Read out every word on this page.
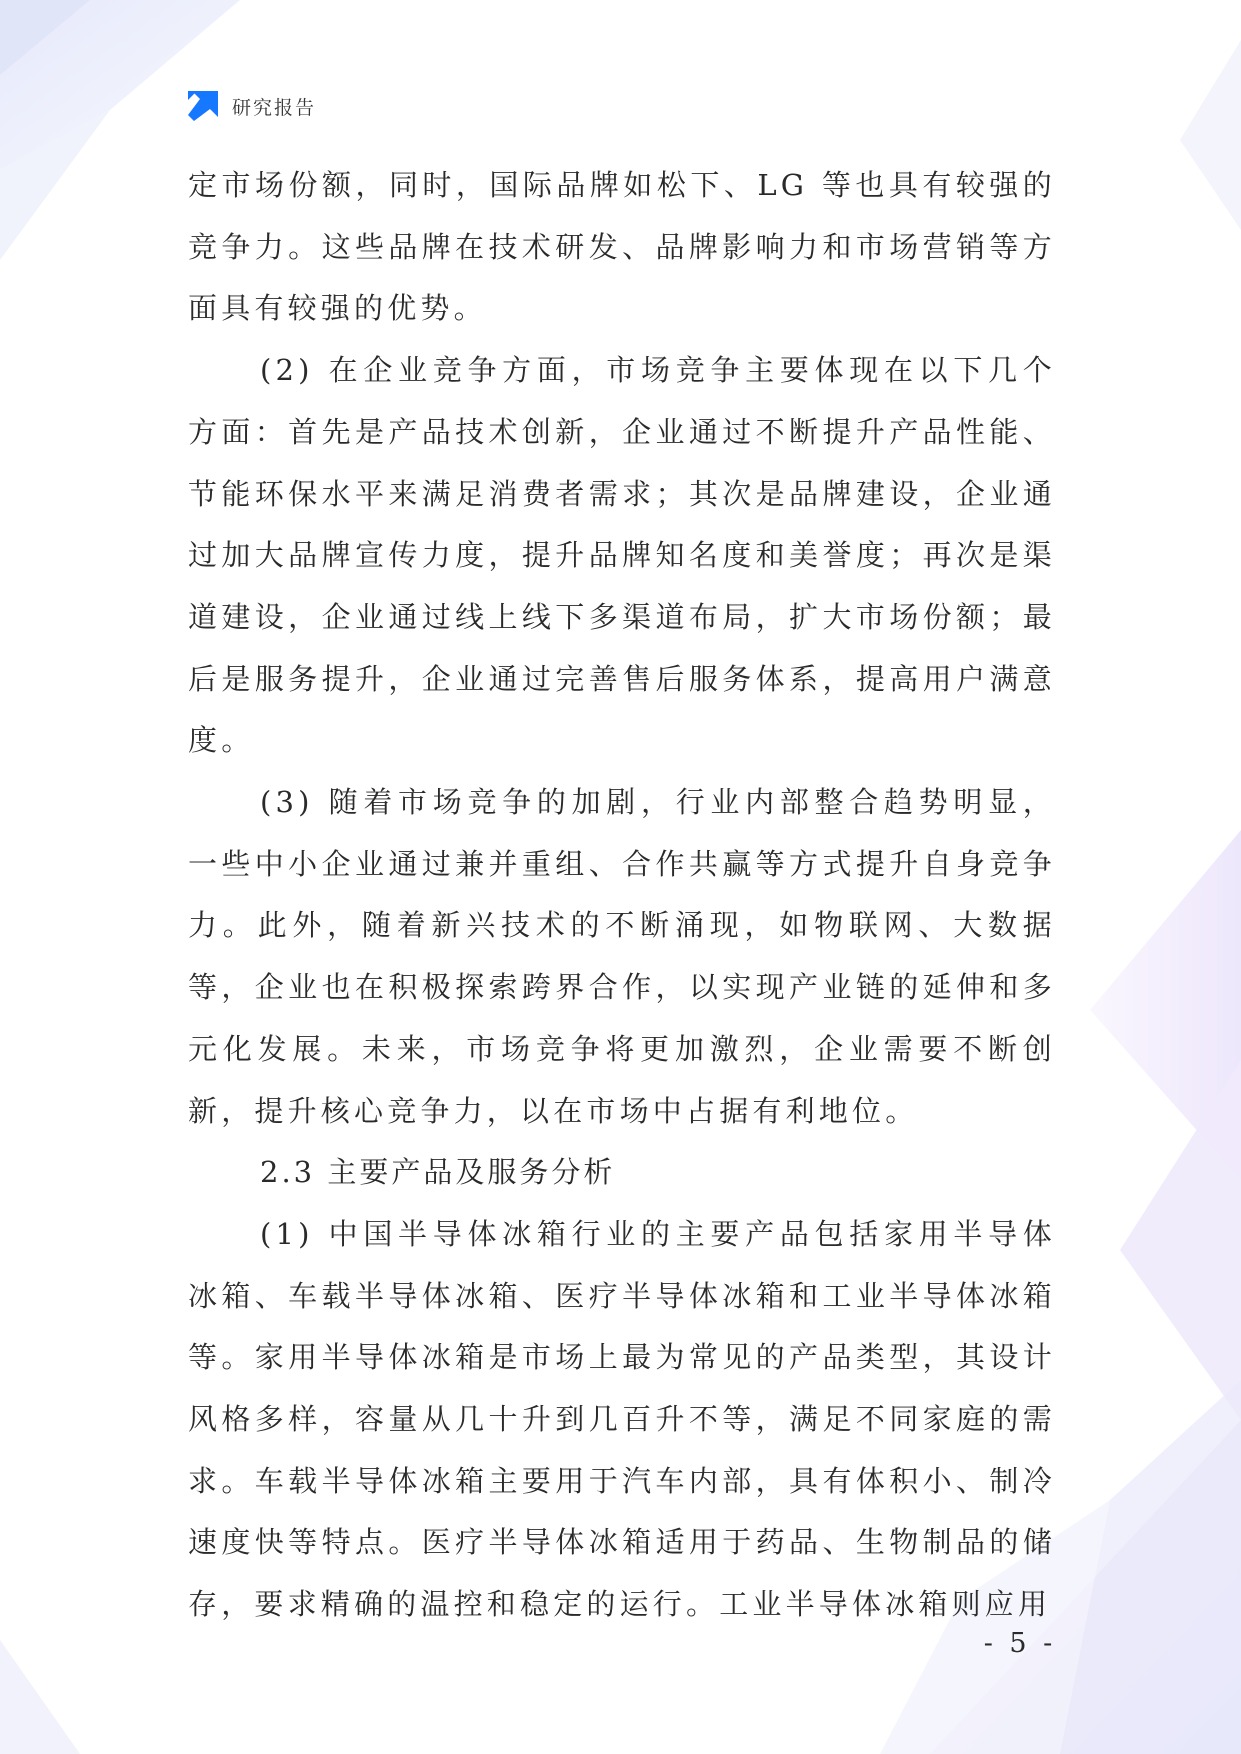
研究报告

定市场份额，同时，国际品牌如松下、LG 等也具有较强的竞争力。这些品牌在技术研发、品牌影响力和市场营销等方面具有较强的优势。

(2) 在企业竞争方面，市场竞争主要体现在以下几个方面：首先是产品技术创新，企业通过不断提升产品性能、节能环保水平来满足消费者需求；其次是品牌建设，企业通过加大品牌宣传力度，提升品牌知名度和美誉度；再次是渠道建设，企业通过线上线下多渠道布局，扩大市场份额；最后是服务提升，企业通过完善售后服务体系，提高用户满意度。

(3) 随着市场竞争的加剧，行业内部整合趋势明显，一些中小企业通过兼并重组、合作共赢等方式提升自身竞争力。此外，随着新兴技术的不断涌现，如物联网、大数据等，企业也在积极探索跨界合作，以实现产业链的延伸和多元化发展。未来，市场竞争将更加激烈，企业需要不断创新，提升核心竞争力，以在市场中占据有利地位。

2.3 主要产品及服务分析

(1) 中国半导体冰箱行业的主要产品包括家用半导体冰箱、车载半导体冰箱、医疗半导体冰箱和工业半导体冰箱等。家用半导体冰箱是市场上最为常见的产品类型，其设计风格多样，容量从几十升到几百升不等，满足不同家庭的需求。车载半导体冰箱主要用于汽车内部，具有体积小、制冷速度快等特点。医疗半导体冰箱适用于药品、生物制品的储存，要求精确的温控和稳定的运行。工业半导体冰箱则应用

- 5 -
